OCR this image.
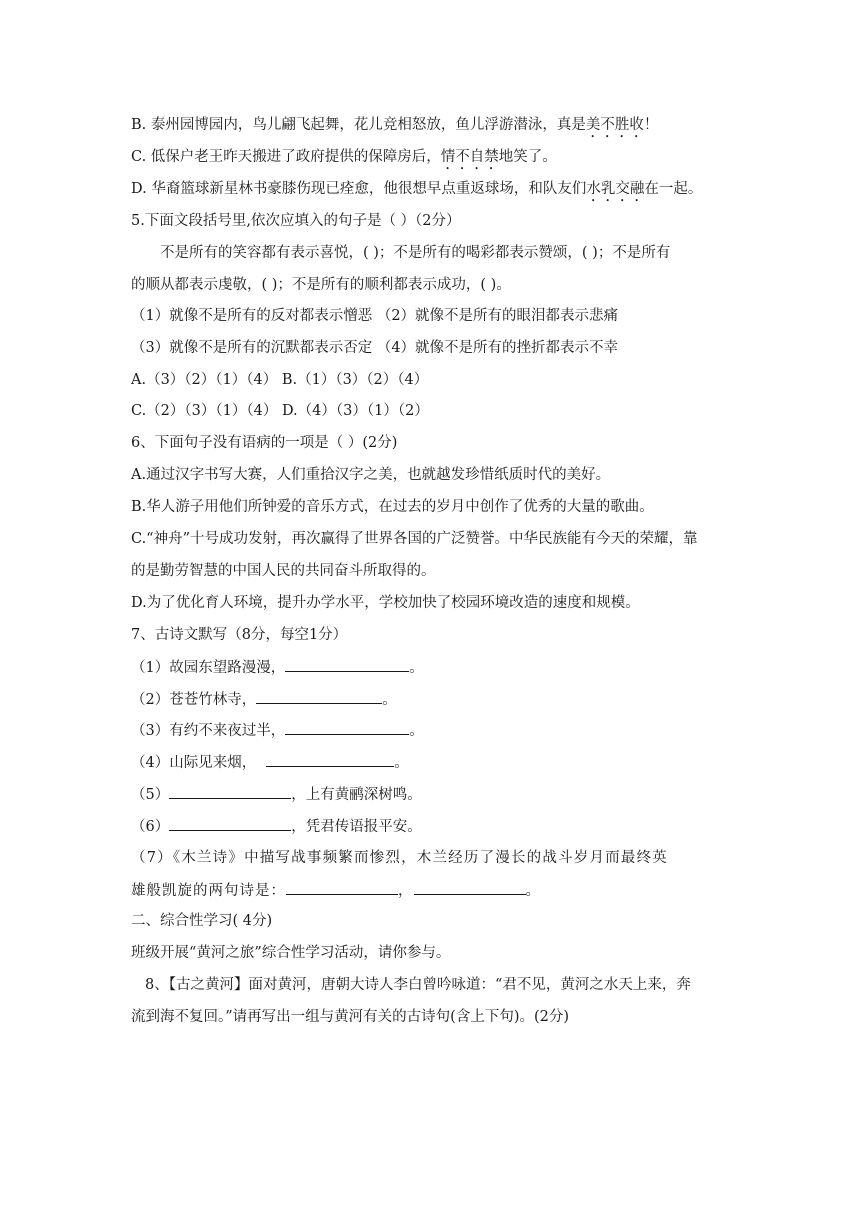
B. 泰州园博园内，鸟儿翩飞起舞，花儿竞相怒放，鱼儿浮游潜泳，真是美不胜收！
C. 低保户老王昨天搬进了政府提供的保障房后，情不自禁地笑了。
D. 华裔篮球新星林书豪膝伤现已痊愈，他很想早点重返球场，和队友们水乳交融在一起。
5.下面文段括号里,依次应填入的句子是（ ）（2分）
不是所有的笑容都有表示喜悦，( )；不是所有的喝彩都表示赞颂，( )；不是所有
的顺从都表示虔敬，( )；不是所有的顺利都表示成功，( )。
（1）就像不是所有的反对都表示憎恶 （2）就像不是所有的眼泪都表示悲痛
（3）就像不是所有的沉默都表示否定 （4）就像不是所有的挫折都表示不幸
A.（3）（2）（1）（4） B.（1）（3）（2）（4）
C.（2）（3）（1）（4） D.（4）（3）（1）（2）
6、下面句子没有语病的一项是（ ）(2分)
A.通过汉字书写大赛，人们重拾汉字之美，也就越发珍惜纸质时代的美好。
B.华人游子用他们所钟爱的音乐方式，在过去的岁月中创作了优秀的大量的歌曲。
C.“神舟”十号成功发射，再次赢得了世界各国的广泛赞誉。中华民族能有今天的荣耀，靠
的是勤劳智慧的中国人民的共同奋斗所取得的。
D.为了优化育人环境，提升办学水平，学校加快了校园环境改造的速度和规模。
7、古诗文默写（8分，每空1分）
（1）故园东望路漫漫，	。
（2）苍苍竹林寺，	。
（3）有约不来夜过半，	。
（4）山际见来烟，	。
（5）	，上有黄鹂深树鸣。
（6）	，凭君传语报平安。
（7）《木兰诗》中描写战事频繁而惨烈，木兰经历了漫长的战斗岁月而最终英
雄般凯旋的两句诗是：	，	。
二、综合性学习( 4分)
班级开展“黄河之旅”综合性学习活动，请你参与。
8、【古之黄河】面对黄河，唐朝大诗人李白曾吟咏道：“君不见，黄河之水天上来，奔
流到海不复回。”请再写出一组与黄河有关的古诗句(含上下句)。(2分)
